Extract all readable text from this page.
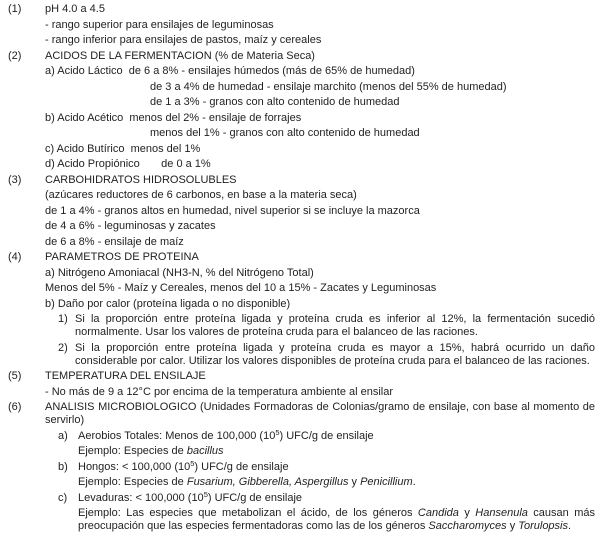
(1)	pH 4.0 a 4.5
- rango superior para ensilajes de leguminosas
- rango inferior para ensilajes de pastos, maíz y cereales
(2)	ACIDOS DE LA FERMENTACION (% de Materia Seca)
a) Acido Láctico  de 6 a 8% - ensilajes húmedos (más de 65% de humedad)
de 3 a 4% de humedad - ensilaje marchito (menos del 55% de humedad)
de 1 a 3% - granos con alto contenido de humedad
b) Acido Acético  menos del 2% - ensilaje de forrajes
menos del 1% - granos con alto contenido de humedad
c) Acido Butírico  menos del 1%
d) Acido Propiónico       de 0 a 1%
(3)	CARBOHIDRATOS HIDROSOLUBLES
(azúcares reductores de 6 carbonos, en base a la materia seca)
de 1 a 4% - granos altos en humedad, nivel superior si se incluye la mazorca
de 4 a 6% - leguminosas y zacates
de 6 a 8% - ensilaje de maíz
(4)	PARAMETROS DE PROTEINA
a) Nitrógeno Amoniacal (NH3-N, % del Nitrógeno Total)
Menos del 5% - Maíz y Cereales, menos del 10 a 15% - Zacates y Leguminosas
b) Daño por calor (proteína ligada o no disponible)
1) Si la proporción entre proteína ligada y proteína cruda es inferior al 12%, la fermentación sucedió normalmente. Usar los valores de proteína cruda para el balanceo de las raciones.
2) Si la proporción entre proteína ligada y proteína cruda es mayor a 15%, habrá ocurrido un daño considerable por calor. Utilizar los valores disponibles de proteína cruda para el balanceo de las raciones.
(5)	TEMPERATURA DEL ENSILAJE
- No más de 9 a 12°C por encima de la temperatura ambiente al ensilar
(6)	ANALISIS MICROBIOLOGICO (Unidades Formadoras de Colonias/gramo de ensilaje, con base al momento de servirlo)
a) Aerobios Totales: Menos de 100,000 $(10^5)$ UFC/g de ensilaje
Ejemplo: Especies de bacillus
b) Hongos: < 100,000 $(10^5)$ UFC/g de ensilaje
Ejemplo: Especies de Fusarium, Gibberella, Aspergillus y Penicillium.
c) Levaduras: < 100,000 $(10^5)$ UFC/g de ensilaje
Ejemplo: Las especies que metabolizan el ácido, de los géneros Candida y Hansenula causan más preocupación que las especies fermentadoras como las de los géneros Saccharomyces y Torulopsis.
